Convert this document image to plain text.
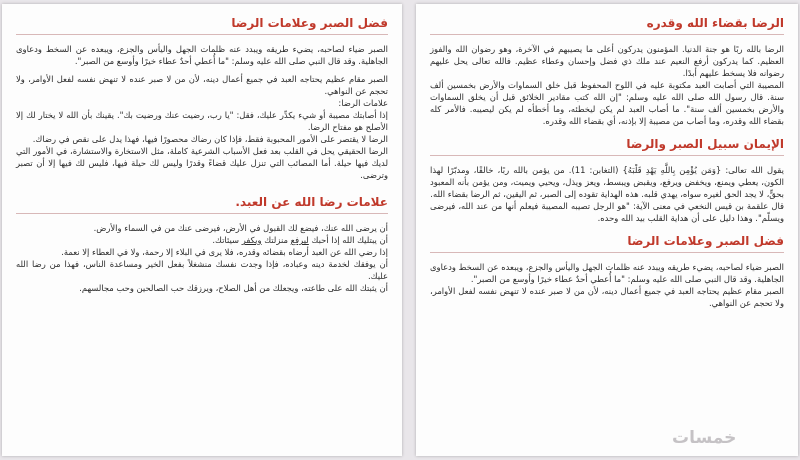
فضل الصبر وعلامات الرضا

الصبر ضياء لصاحبه، يضيء طريقه ويبدد عنه ظلمات الجهل واليأس والجزع، ويبعده عن السخط ودعاوى الجاهلية. وقد قال النبي صلى الله عليه وسلم: "ما أُعطي أحدٌ عطاء خيرًا وأوسع من الصبر".

الصبر مقام عظيم يحتاجه العبد في جميع أعمال دينه، لأن من لا صبر عنده لا تنهض نفسه لفعل الأوامر، ولا تحجم عن النواهي.

علامات الرضا:

إذا أصابتك مصيبة أو شيء يكدِّر عليك، فقل: "يا رب، رضيت عنك ورضيت بك". يقينك بأن الله لا يختار لك إلا الأصلح هو مفتاح الرضا.

الرضا لا يقتصر على الأمور المحبوبة فقط، فإذا كان رضاك محصورًا فيها، فهذا يدل على نقص في رضاك.

الرضا الحقيقي يحل في القلب بعد فعل الأسباب الشرعية كاملة، مثل الاستخارة والاستشارة، في الأمور التي لديك فيها حيلة. أما المصائب التي تنزل عليك قضاءً وقدرًا وليس لك حيلة فيها، فليس لك فيها إلا أن تصبر وترضى.

علامات رضا الله عن العبد.

أن يرضى الله عنك، فيضع لك القبول في الأرض، فيرضى عنك من في السماء والأرض.

أن يبتليك الله إذا أحبك ليرفع منزلتك ويكفر سيئاتك.

إذا رضي الله عن العبد أرضاه بقضائه وقدره، فلا يرى في البلاء إلا رحمة، ولا في العطاء إلا نعمة.

أن يوفقك لخدمة دينه وعباده، فإذا وجدت نفسك منشغلاً بفعل الخير ومساعدة الناس، فهذا من رضا الله عليك.

أن يثبتك الله على طاعته، ويجعلك من أهل الصلاح، ويرزقك حب الصالحين وحب مجالسهم.

الرضا بقضاء الله وقدره

الرضا بالله ربًا هو جنة الدنيا. المؤمنون يدركون أعلى ما يصيبهم في الآخرة، وهو رضوان الله والفوز العظيم. كما يدركون أرفع النعيم عند ملك ذي فضل وإحسان وعطاء عظيم. فالله تعالى يحل عليهم رضوانه فلا يسخط عليهم أبدًا.

المصيبة التي أصابت العبد مكتوبة عليه في اللوح المحفوظ قبل خلق السماوات والأرض بخمسين ألف سنة. قال رسول الله صلى الله عليه وسلم: "إن الله كتب مقادير الخلائق قبل أن يخلق السماوات والأرض بخمسين ألف سنة". ما أصاب العبد لم يكن ليخطئه، وما أخطأه لم يكن ليصيبه. فالأمر كله بقضاء الله وقدره، وما أصاب من مصيبة إلا بإذنه، أي بقضاء الله وقدره.

الإيمان سبيل الصبر والرضا

يقول الله تعالى: {وَمَن يُؤْمِن بِاللَّهِ يَهْدِ قَلْبَهُ} (التغابن: 11). من يؤمن بالله ربًا، خالقًا، ومدبّرًا لهذا الكون، يعطي ويمنع، ويخفض ويرفع، ويقبض ويبسط، ويعز ويذل، ويحيي ويميت، ومن يؤمن بأنه المعبود بحقٍّ، لا يجد الحق لغيره سواه، يهدي قلبه. هذه الهداية تقوده إلى الصبر، ثم اليقين، ثم الرضا بقضاء الله.

قال علقمة بن قيس النخعي في معنى الآية: "هو الرجل تصيبه المصيبة فيعلم أنها من عند الله، فيرضى ويسلّم". وهذا دليل على أن هداية القلب بيد الله وحده.

فضل الصبر وعلامات الرضا

الصبر ضياء لصاحبه، يضيء طريقه ويبدد عنه ظلمات الجهل واليأس والجزع، ويبعده عن السخط ودعاوى الجاهلية. وقد قال النبي صلى الله عليه وسلم: "ما أُعطي أحدٌ عطاء خيرًا وأوسع من الصبر".

الصبر مقام عظيم يحتاجه العبد في جميع أعمال دينه، لأن من لا صبر عنده لا تنهض نفسه لفعل الأوامر، ولا تحجم عن النواهي.

خمسات
